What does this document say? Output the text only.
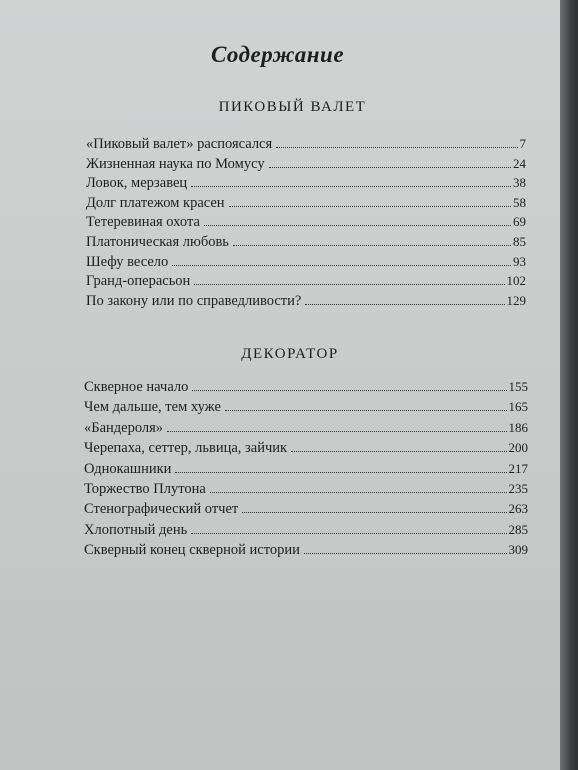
Содержание
ПИКОВЫЙ ВАЛЕТ
«Пиковый валет» распоясался	7
Жизненная наука по Момусу	24
Ловок, мерзавец	38
Долг платежом красен	58
Тетеревиная охота	69
Платоническая любовь	85
Шефу весело	93
Гранд-операсьон	102
По закону или по справедливости?	129
ДЕКОРАТОР
Скверное начало	155
Чем дальше, тем хуже	165
«Бандероля»	186
Черепаха, сеттер, львица, зайчик	200
Однокашники	217
Торжество Плутона	235
Стенографический отчет	263
Хлопотный день	285
Скверный конец скверной истории	309
